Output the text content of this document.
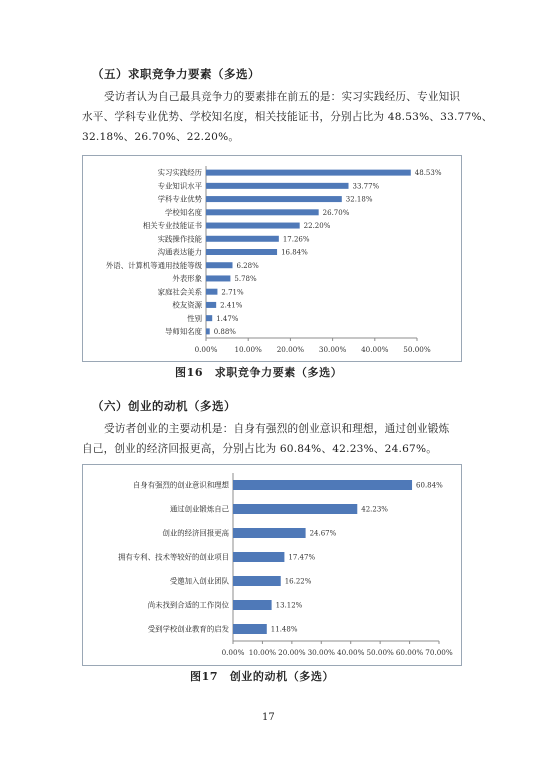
（五）求职竞争力要素（多选）
受访者认为自己最具竞争力的要素排在前五的是：实习实践经历、专业知识
水平、学科专业优势、学校知名度，相关技能证书，分别占比为 48.53%、33.77%、
32.18%、26.70%、22.20%。
0.00% 10.00% 20.00% 30.00% 40.00% 50.00%
实习实践经历	48.53%
专业知识水平	33.77%
学科专业优势	32.18%
学校知名度	26.70%
相关专业技能证书	22.20%
实践操作技能	17.26%
沟通表达能力	16.84%
外语、计算机等通用技能等级	6.28%
外表形象	5.78%
家庭社会关系	2.71%
校友资源	2.41%
性别 1.47%
导师知名度 0.88%
图16　求职竞争力要素（多选）
（六）创业的动机（多选）
受访者创业的主要动机是：自身有强烈的创业意识和理想，通过创业锻炼
自己，创业的经济回报更高，分别占比为 60.84%、42.23%、24.67%。
0.00% 10.00% 20.00% 30.00% 40.00% 50.00% 60.00% 70.00%
自身有强烈的创业意识和理想	60.84%
通过创业锻炼自己	42.23%
创业的经济回报更高	24.67%
拥有专利、技术等较好的创业项目	17.47%
受邀加入创业团队	16.22%
尚未找到合适的工作岗位	13.12%
受到学校创业教育的启发	11.48%
图17　创业的动机（多选）
17
